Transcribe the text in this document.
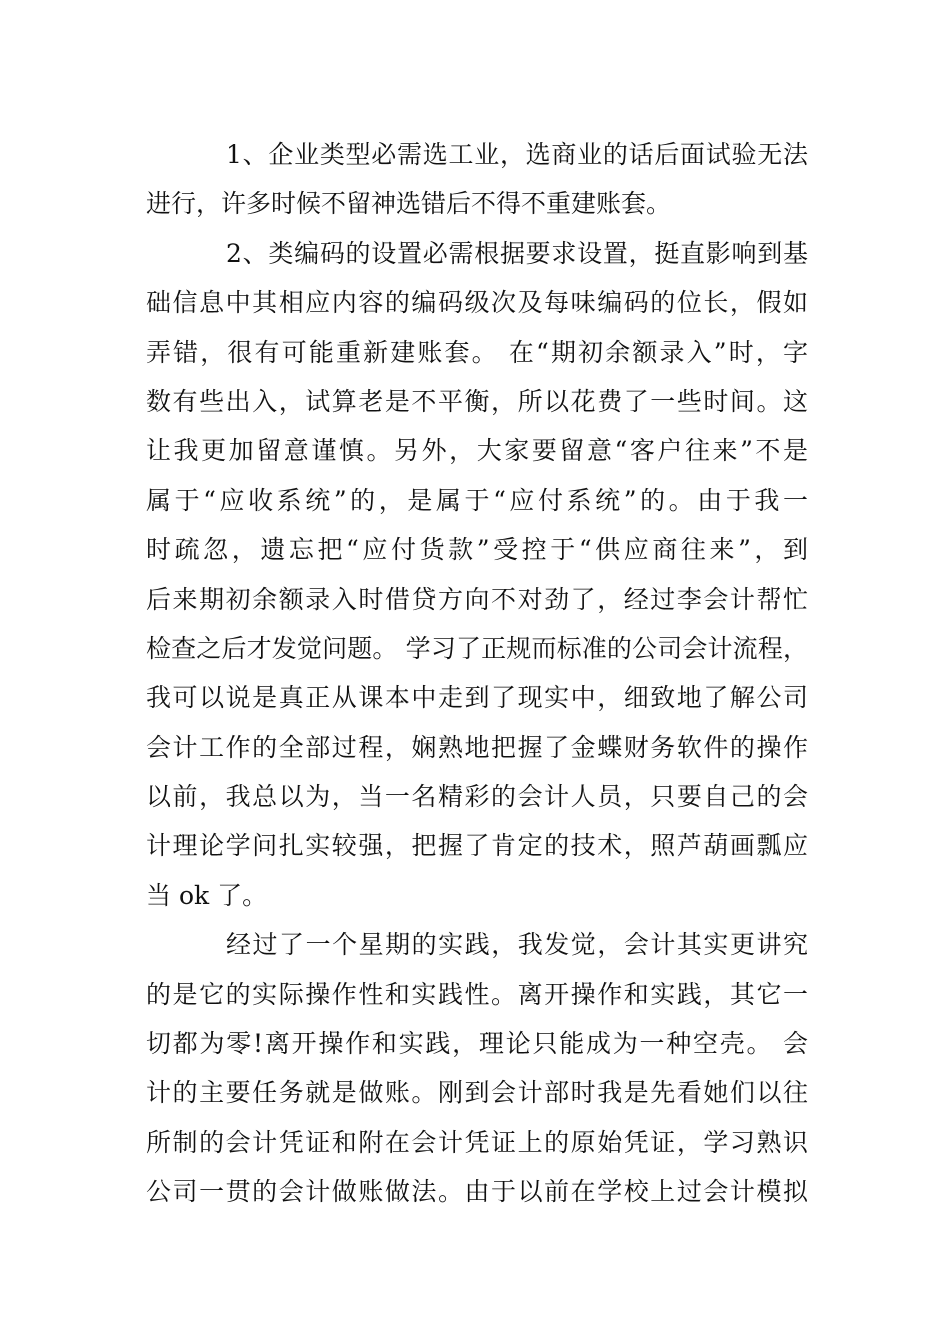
1、企业类型必需选工业，选商业的话后面试验无法
进行，许多时候不留神选错后不得不重建账套。
2、类编码的设置必需根据要求设置，挺直影响到基
础信息中其相应内容的编码级次及每味编码的位长，假如
弄错，很有可能重新建账套。 在“期初余额录入”时，字
数有些出入，试算老是不平衡，所以花费了一些时间。这
让我更加留意谨慎。另外，大家要留意“客户往来”不是
属于“应收系统”的，是属于“应付系统”的。由于我一
时疏忽，遗忘把“应付货款”受控于“供应商往来”，到
后来期初余额录入时借贷方向不对劲了，经过李会计帮忙
检查之后才发觉问题。 学习了正规而标准的公司会计流程，
我可以说是真正从课本中走到了现实中，细致地了解公司
会计工作的全部过程，娴熟地把握了金蝶财务软件的操作
以前，我总以为，当一名精彩的会计人员，只要自己的会
计理论学问扎实较强，把握了肯定的技术，照芦葫画瓢应
当 ok 了。
经过了一个星期的实践，我发觉，会计其实更讲究
的是它的实际操作性和实践性。离开操作和实践，其它一
切都为零!离开操作和实践，理论只能成为一种空壳。 会
计的主要任务就是做账。刚到会计部时我是先看她们以往
所制的会计凭证和附在会计凭证上的原始凭证，学习熟识
公司一贯的会计做账做法。由于以前在学校上过会计模拟
